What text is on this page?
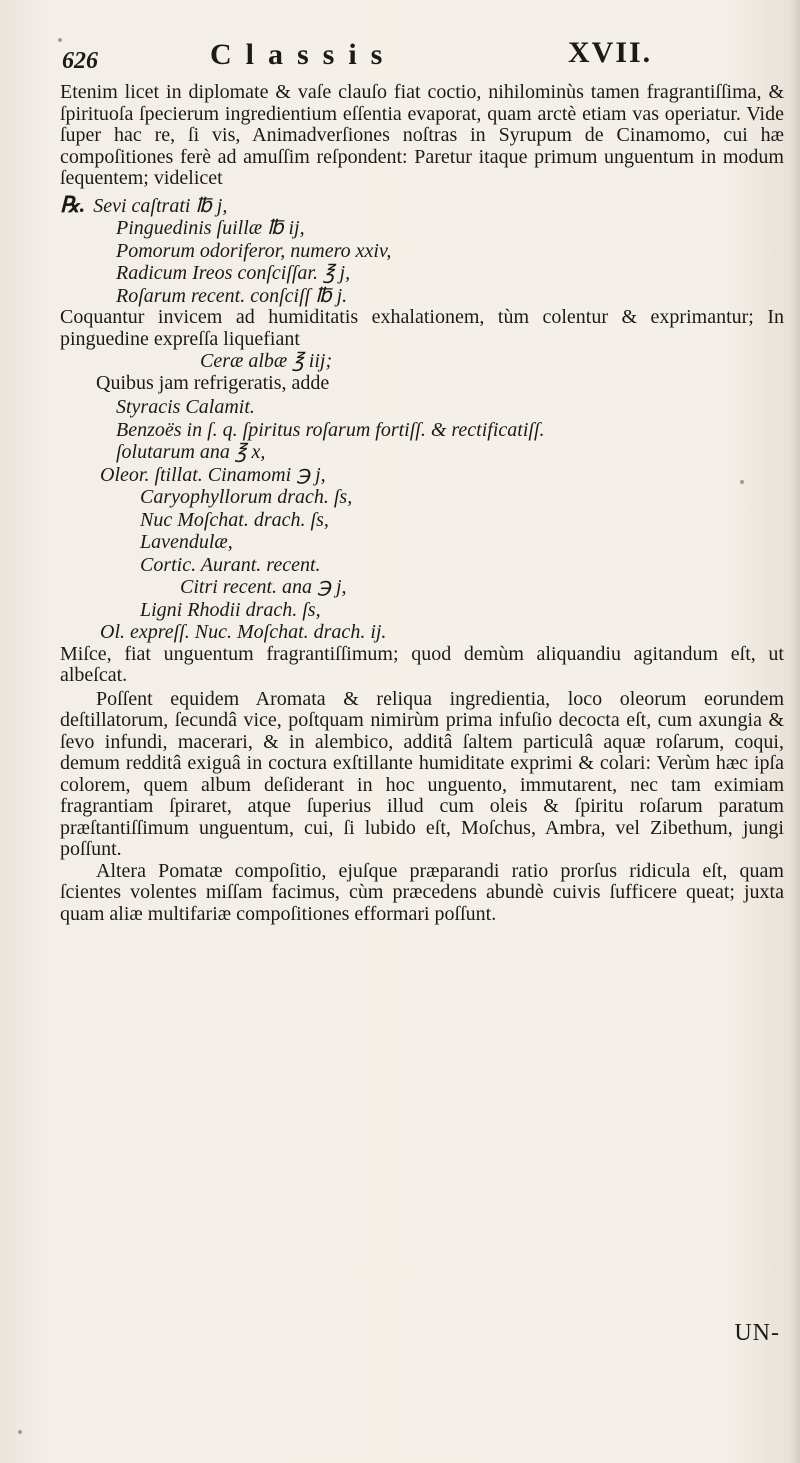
626	Classis	XVII.

Etenim licet in diplomate & vaſe clauſo fiat coctio, nihilominùs tamen fragrantiſſima, & ſpirituoſa ſpecierum ingredientium eſſentia evaporat, quam arctè etiam vas operiatur. Vide ſuper hac re, ſi vis, Animadverſiones noſtras in Syrupum de Cinamomo, cui hæ compoſitiones ferè ad amuſſim reſpondent: Paretur itaque primum unguentum in modum ſequentem; videlicet

℞. Sevi caſtrati ℔ j,
Pinguedinis ſuillæ ℔ ij,
Pomorum odoriferor, numero xxiv,
Radicum Ireos conſciſſar. ℥ j,
Roſarum recent. conſciſſ ℔ j.

Coquantur invicem ad humiditatis exhalationem, tùm colentur & exprimantur; In pinguedine expreſſa liquefiant

Ceræ albæ ℥ iij;

Quibus jam refrigeratis, adde

Styracis Calamit.
Benzoës in ſ. q. ſpiritus roſarum fortiſſ. & rectificatiſſ.
ſolutarum ana ℥ x,
Oleor. ſtillat. Cinamomi ℈ j,
Caryophyllorum drach. ſs,
Nuc Moſchat. drach. ſs,
Lavendulæ,
Cortic. Aurant. recent.
Citri recent. ana ℈ j,
Ligni Rhodii drach. ſs,
Ol. expreſſ. Nuc. Moſchat. drach. ij.

Miſce, fiat unguentum fragrantiſſimum; quod demùm aliquandiu agitandum eſt, ut albeſcat.

Poſſent equidem Aromata & reliqua ingredientia, loco oleorum eorundem deſtillatorum, ſecundâ vice, poſtquam nimirùm prima infuſio decocta eſt, cum axungia & ſevo infundi, macerari, & in alembico, additâ ſaltem particulâ aquæ roſarum, coqui, demum redditâ exiguâ in coctura exſtillante humiditate exprimi & colari: Verùm hæc ipſa colorem, quem album deſiderant in hoc unguento, immutarent, nec tam eximiam fragrantiam ſpiraret, atque ſuperius illud cum oleis & ſpiritu roſarum paratum præſtantiſſimum unguentum, cui, ſi lubido eſt, Moſchus, Ambra, vel Zibethum, jungi poſſunt.

Altera Pomatæ compoſitio, ejuſque præparandi ratio prorſus ridicula eſt, quam ſcientes volentes miſſam facimus, cùm præcedens abundè cuivis ſufficere queat; juxta quam aliæ multifariæ compoſitiones efformari poſſunt.

UN-
